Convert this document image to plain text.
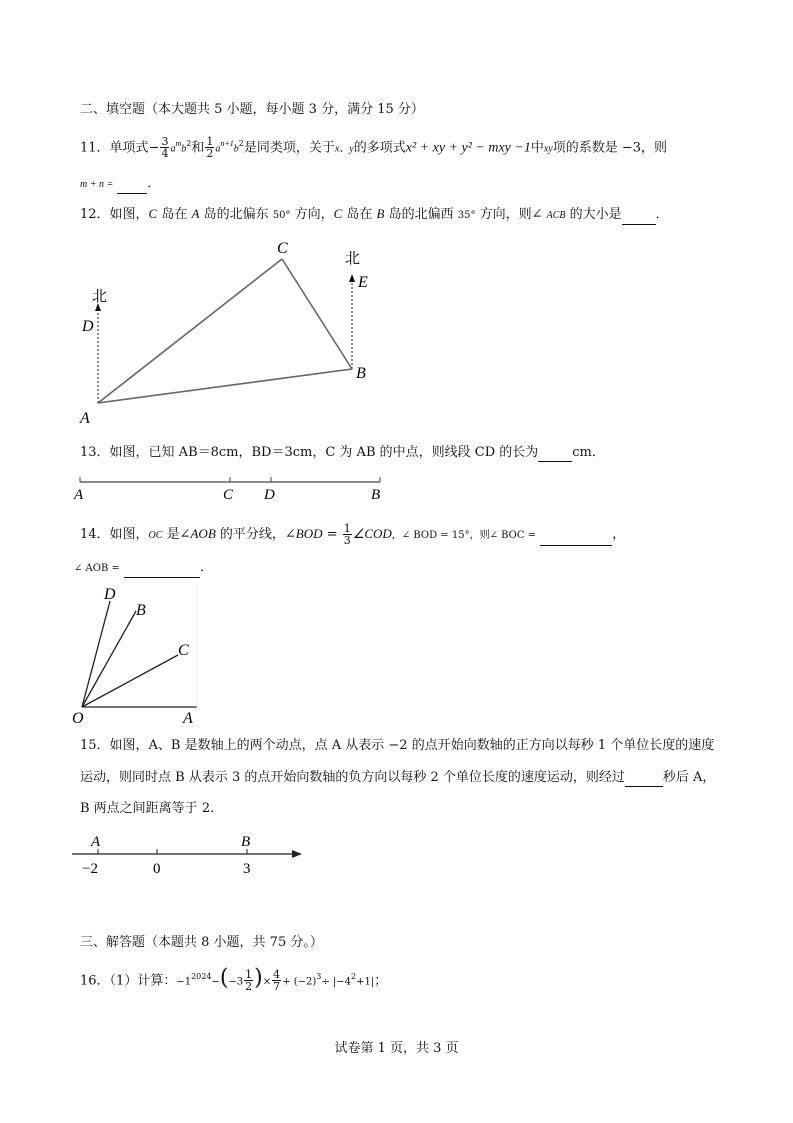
二、填空题（本大题共 5 小题，每小题 3 分，满分 15 分）
11．单项式− $\frac{3}{4} a^mb^2$和 $\frac{1}{2} a^{n+1}b^2$是同类项，关于x、y的多项式x² + xy + y² − mxy −1中xy项的系数是 −3，则
m + n =	．
12．如图，C 岛在 A 岛的北偏东 50° 方向，C 岛在 B 岛的北偏西 35° 方向，则∠ ACB 的大小是	．
北
北
D
E
C
B
A
13．如图，已知 AB＝8cm，BD＝3cm，C 为 AB 的中点，则线段 CD 的长为	cm．
A	C D	B
14．如图，OC 是∠AOB 的平分线，∠BOD = $\frac{1}{3}$ ∠COD，∠ BOD = 15°，则∠ BOC =	，
∠ AOB =	．
D
B
C
O	A
15．如图，A、B 是数轴上的两个动点，点 A 从表示 −2 的点开始向数轴的正方向以每秒 1 个单位长度的速度
运动，则同时点 B 从表示 3 的点开始向数轴的负方向以每秒 2 个单位长度的速度运动，则经过	秒后 A，
B 两点之间距离等于 2．
A	B
−2	0	3
三、解答题（本题共 8 小题，共 75 分。）
16．（1）计算：$-1^{2024}-(-3 \frac{1}{2}$ )× $\frac{4}{7} + (-2)^3\div |-4^2+1|$；
试卷第 1 页，共 3 页
